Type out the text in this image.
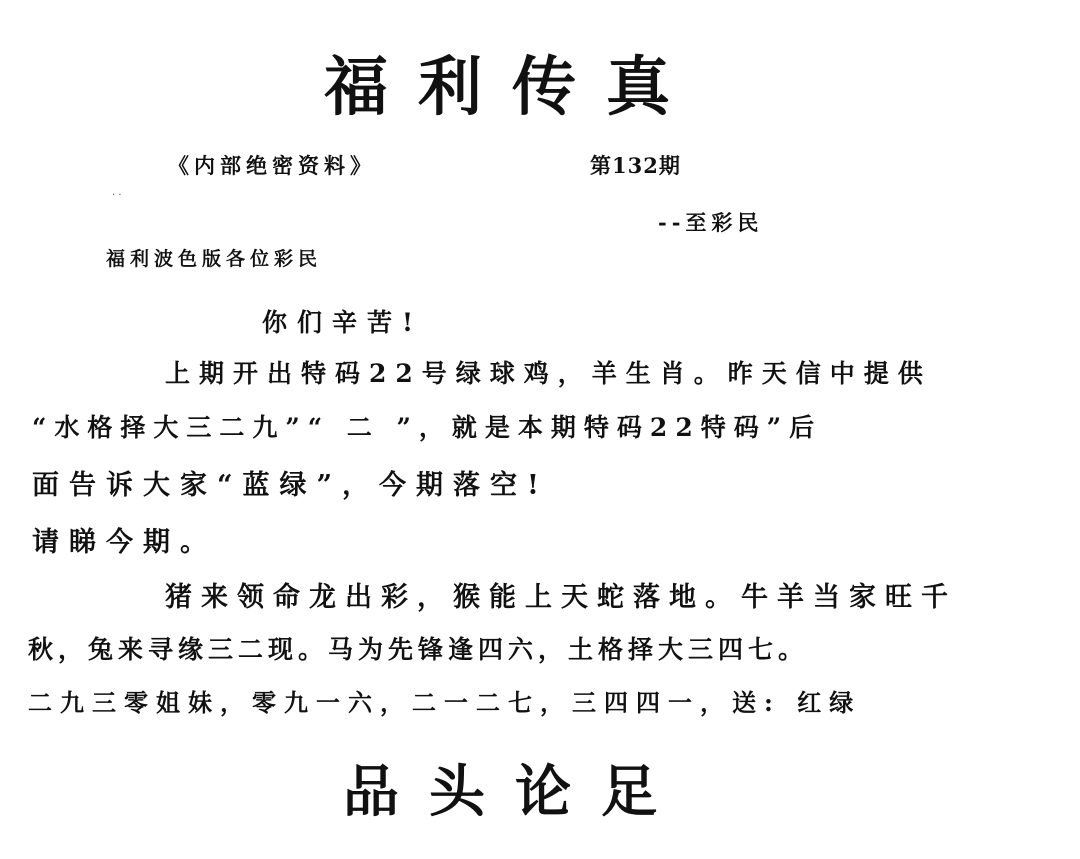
福利传真
《内部绝密资料》	第132期
· ·
--至彩民
福利波色版各位彩民
你们辛苦!
上期开出特码22号绿球鸡，羊生肖。昨天信中提供
“水格择大三二九”“ 二 ”，就是本期特码22特码”后
面告诉大家“蓝绿”，今期落空!
请睇今期。
猪来领命龙出彩，猴能上天蛇落地。牛羊当家旺千
秋，兔来寻缘三二现。马为先锋逢四六，土格择大三四七。
二九三零姐妹，零九一六，二一二七，三四四一，送: 红绿
品头论足
